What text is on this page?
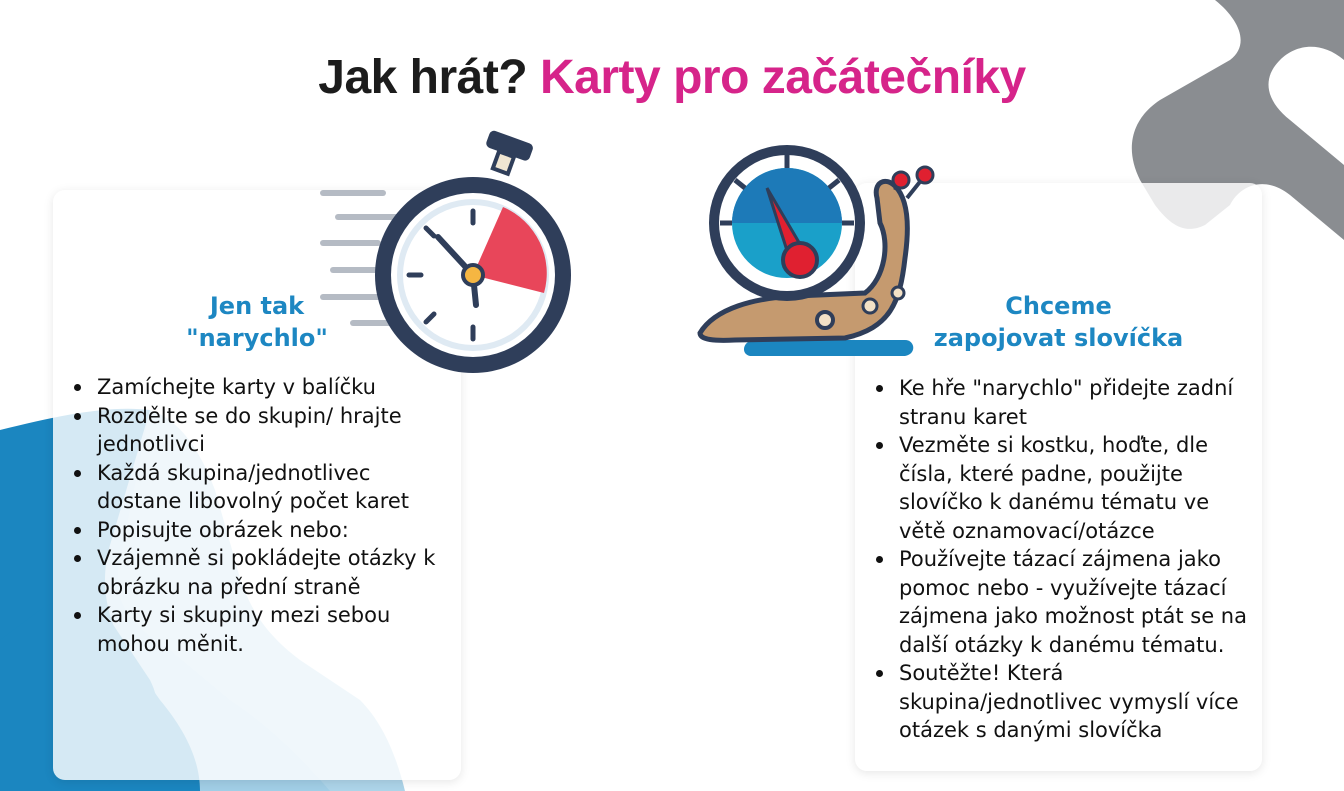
Jak hrát? Karty pro začátečníky
Jen tak
"narychlo"
Zamíchejte karty v balíčku
Rozdělte se do skupin/ hrajte jednotlivci
Každá skupina/jednotlivec dostane libovolný počet karet
Popisujte obrázek nebo:
Vzájemně si pokládejte otázky k obrázku na přední straně
Karty si skupiny mezi sebou mohou měnit.
Chceme
zapojovat slovíčka
Ke hře "narychlo" přidejte zadní stranu karet
Vezměte si kostku, hoďte, dle čísla, které padne, použijte slovíčko k danému tématu ve větě oznamovací/otázce
Používejte tázací zájmena jako pomoc nebo - využívejte tázací zájmena jako možnost ptát se na další otázky k danému tématu.
Soutěžte! Která skupina/jednotlivec vymyslí více otázek s danými slovíčka
